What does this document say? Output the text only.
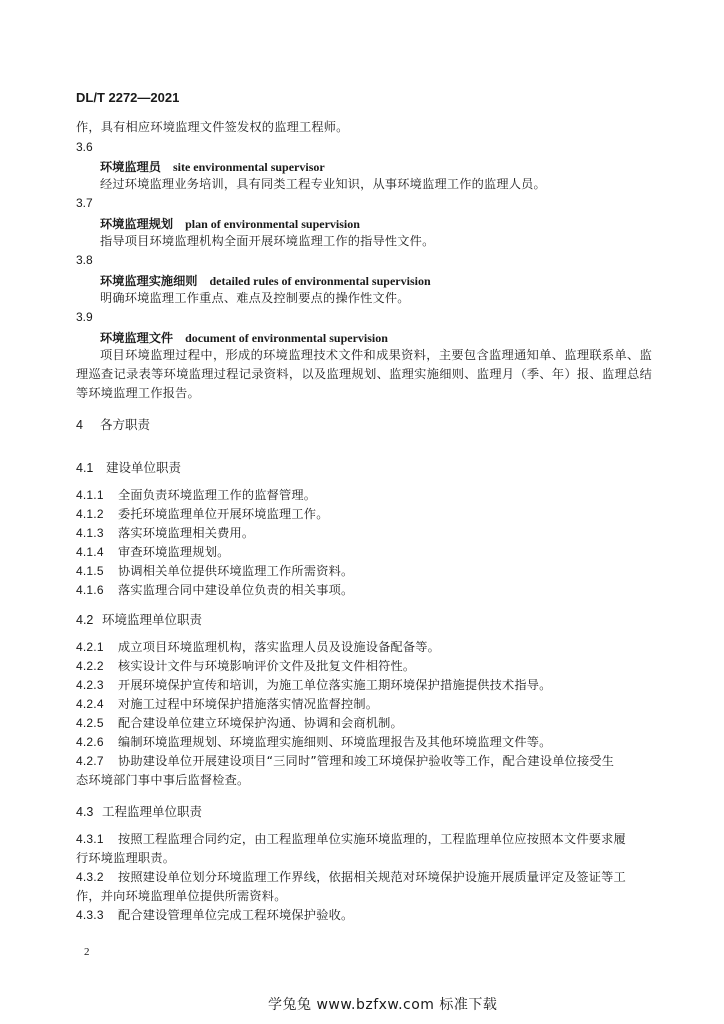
DL/T 2272—2021
作，具有相应环境监理文件签发权的监理工程师。
3.6
环境监理员 site environmental supervisor
经过环境监理业务培训，具有同类工程专业知识，从事环境监理工作的监理人员。
3.7
环境监理规划 plan of environmental supervision
指导项目环境监理机构全面开展环境监理工作的指导性文件。
3.8
环境监理实施细则 detailed rules of environmental supervision
明确环境监理工作重点、难点及控制要点的操作性文件。
3.9
环境监理文件 document of environmental supervision
项目环境监理过程中，形成的环境监理技术文件和成果资料，主要包含监理通知单、监理联系单、监理巡查记录表等环境监理过程记录资料，以及监理规划、监理实施细则、监理月（季、年）报、监理总结等环境监理工作报告。
4 各方职责
4.1 建设单位职责
4.1.1 全面负责环境监理工作的监督管理。
4.1.2 委托环境监理单位开展环境监理工作。
4.1.3 落实环境监理相关费用。
4.1.4 审查环境监理规划。
4.1.5 协调相关单位提供环境监理工作所需资料。
4.1.6 落实监理合同中建设单位负责的相关事项。
4.2 环境监理单位职责
4.2.1 成立项目环境监理机构，落实监理人员及设施设备配备等。
4.2.2 核实设计文件与环境影响评价文件及批复文件相符性。
4.2.3 开展环境保护宣传和培训，为施工单位落实施工期环境保护措施提供技术指导。
4.2.4 对施工过程中环境保护措施落实情况监督控制。
4.2.5 配合建设单位建立环境保护沟通、协调和会商机制。
4.2.6 编制环境监理规划、环境监理实施细则、环境监理报告及其他环境监理文件等。
4.2.7 协助建设单位开展建设项目“三同时”管理和竣工环境保护验收等工作，配合建设单位接受生
态环境部门事中事后监督检查。
4.3 工程监理单位职责
4.3.1 按照工程监理合同约定，由工程监理单位实施环境监理的，工程监理单位应按照本文件要求履
行环境监理职责。
4.3.2 按照建设单位划分环境监理工作界线，依据相关规范对环境保护设施开展质量评定及签证等工
作，并向环境监理单位提供所需资料。
4.3.3 配合建设管理单位完成工程环境保护验收。
2
学兔兔 www.bzfxw.com 标准下载
